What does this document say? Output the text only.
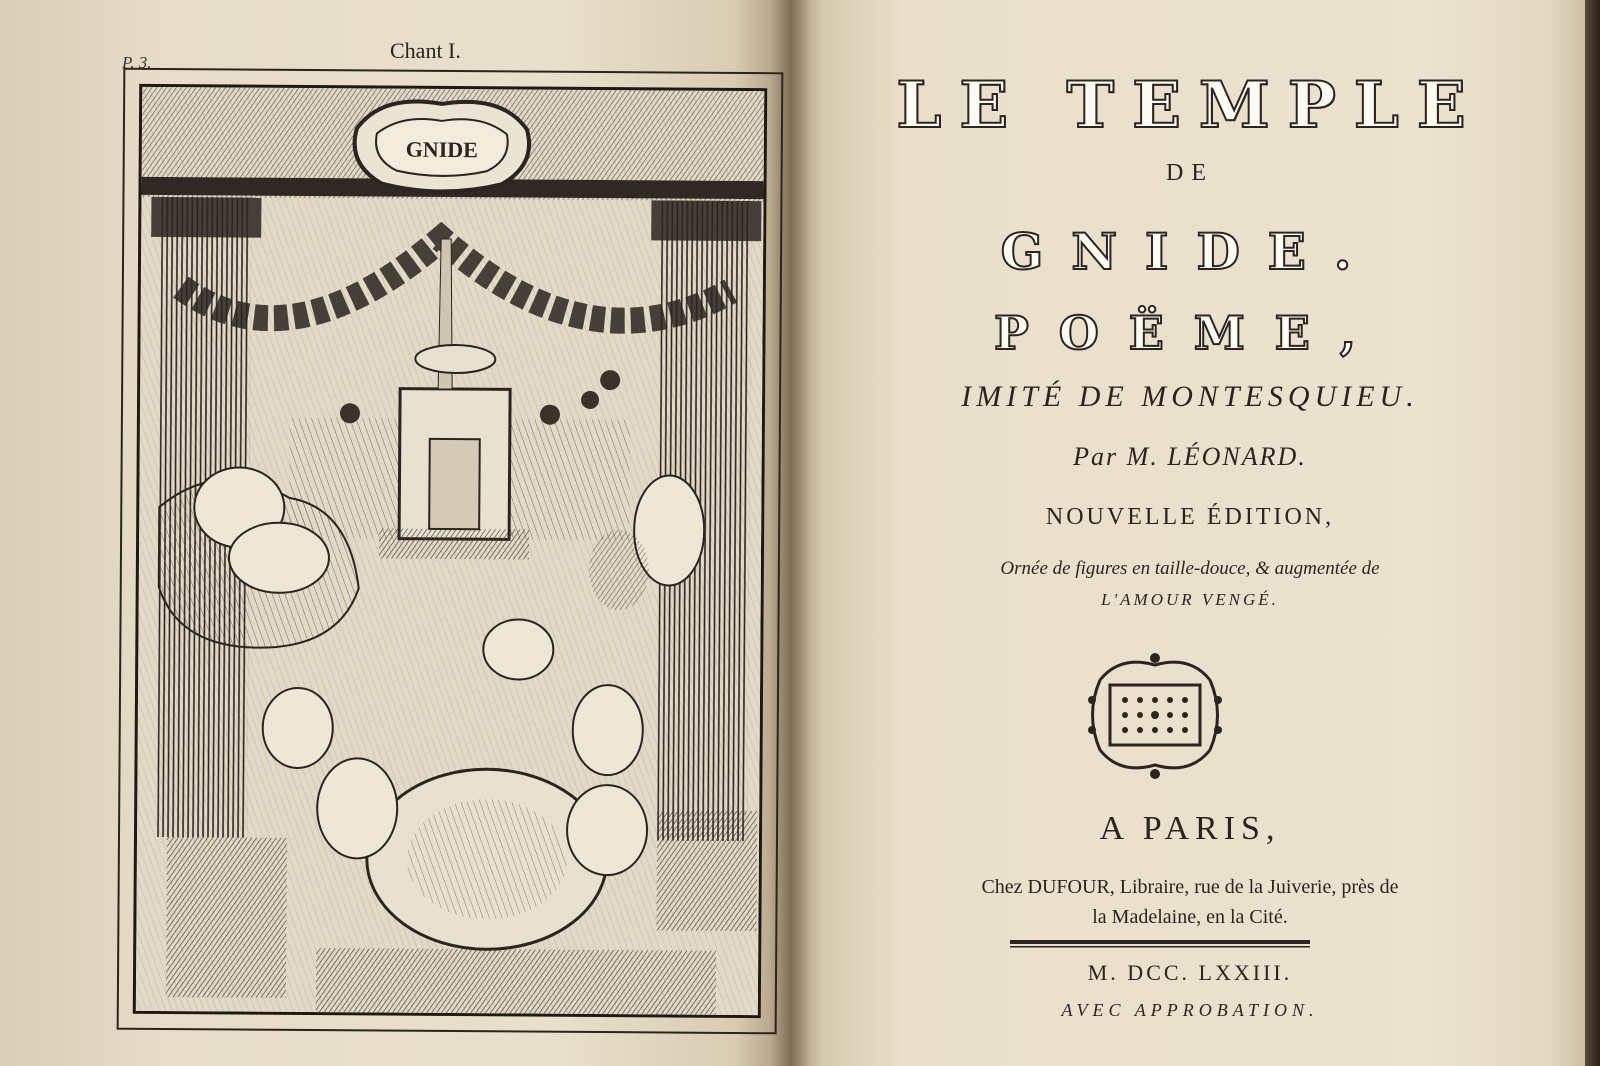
P. 3.	Chant I.
GNIDE
LE TEMPLE
DE
GNIDE.
POËME,
IMITÉ DE MONTESQUIEU.
Par M. LÉONARD.
NOUVELLE ÉDITION,
Ornée de figures en taille-douce, & augmentée de
L'AMOUR VENGÉ.
A PARIS,
Chez DUFOUR, Libraire, rue de la Juiverie, près de
la Madelaine, en la Cité.
M. DCC. LXXIII.
AVEC APPROBATION.
